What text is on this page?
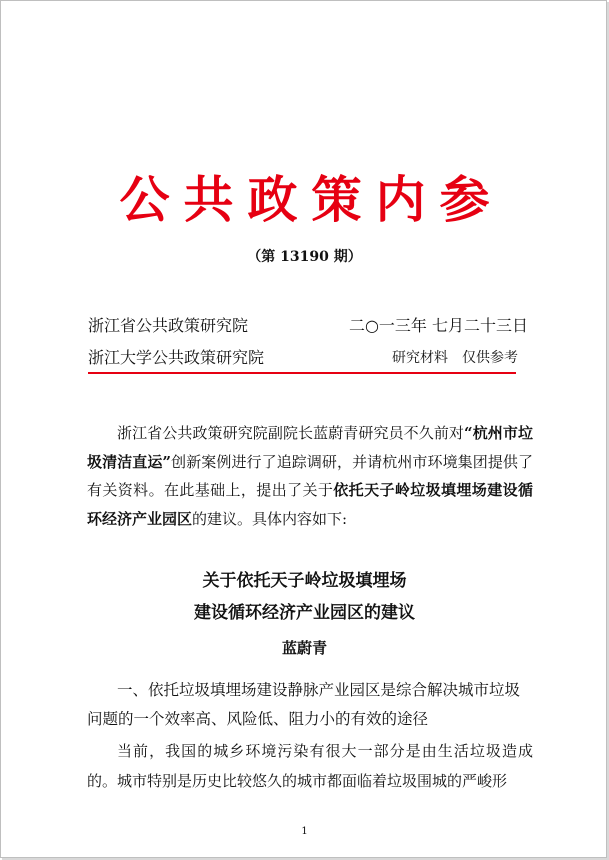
公共政策内参
（第 13190 期）
浙江省公共政策研究院	二○一三年 七月二十三日
浙江大学公共政策研究院	研究材料　仅供参考

浙江省公共政策研究院副院长蓝蔚青研究员不久前对“杭州市垃圾清洁直运”创新案例进行了追踪调研，并请杭州市环境集团提供了有关资料。在此基础上，提出了关于依托天子岭垃圾填埋场建设循环经济产业园区的建议。具体内容如下:

关于依托天子岭垃圾填埋场
建设循环经济产业园区的建议
蓝蔚青

一、依托垃圾填埋场建设静脉产业园区是综合解决城市垃圾问题的一个效率高、风险低、阻力小的有效的途径

当前，我国的城乡环境污染有很大一部分是由生活垃圾造成的。城市特别是历史比较悠久的城市都面临着垃圾围城的严峻形

1
